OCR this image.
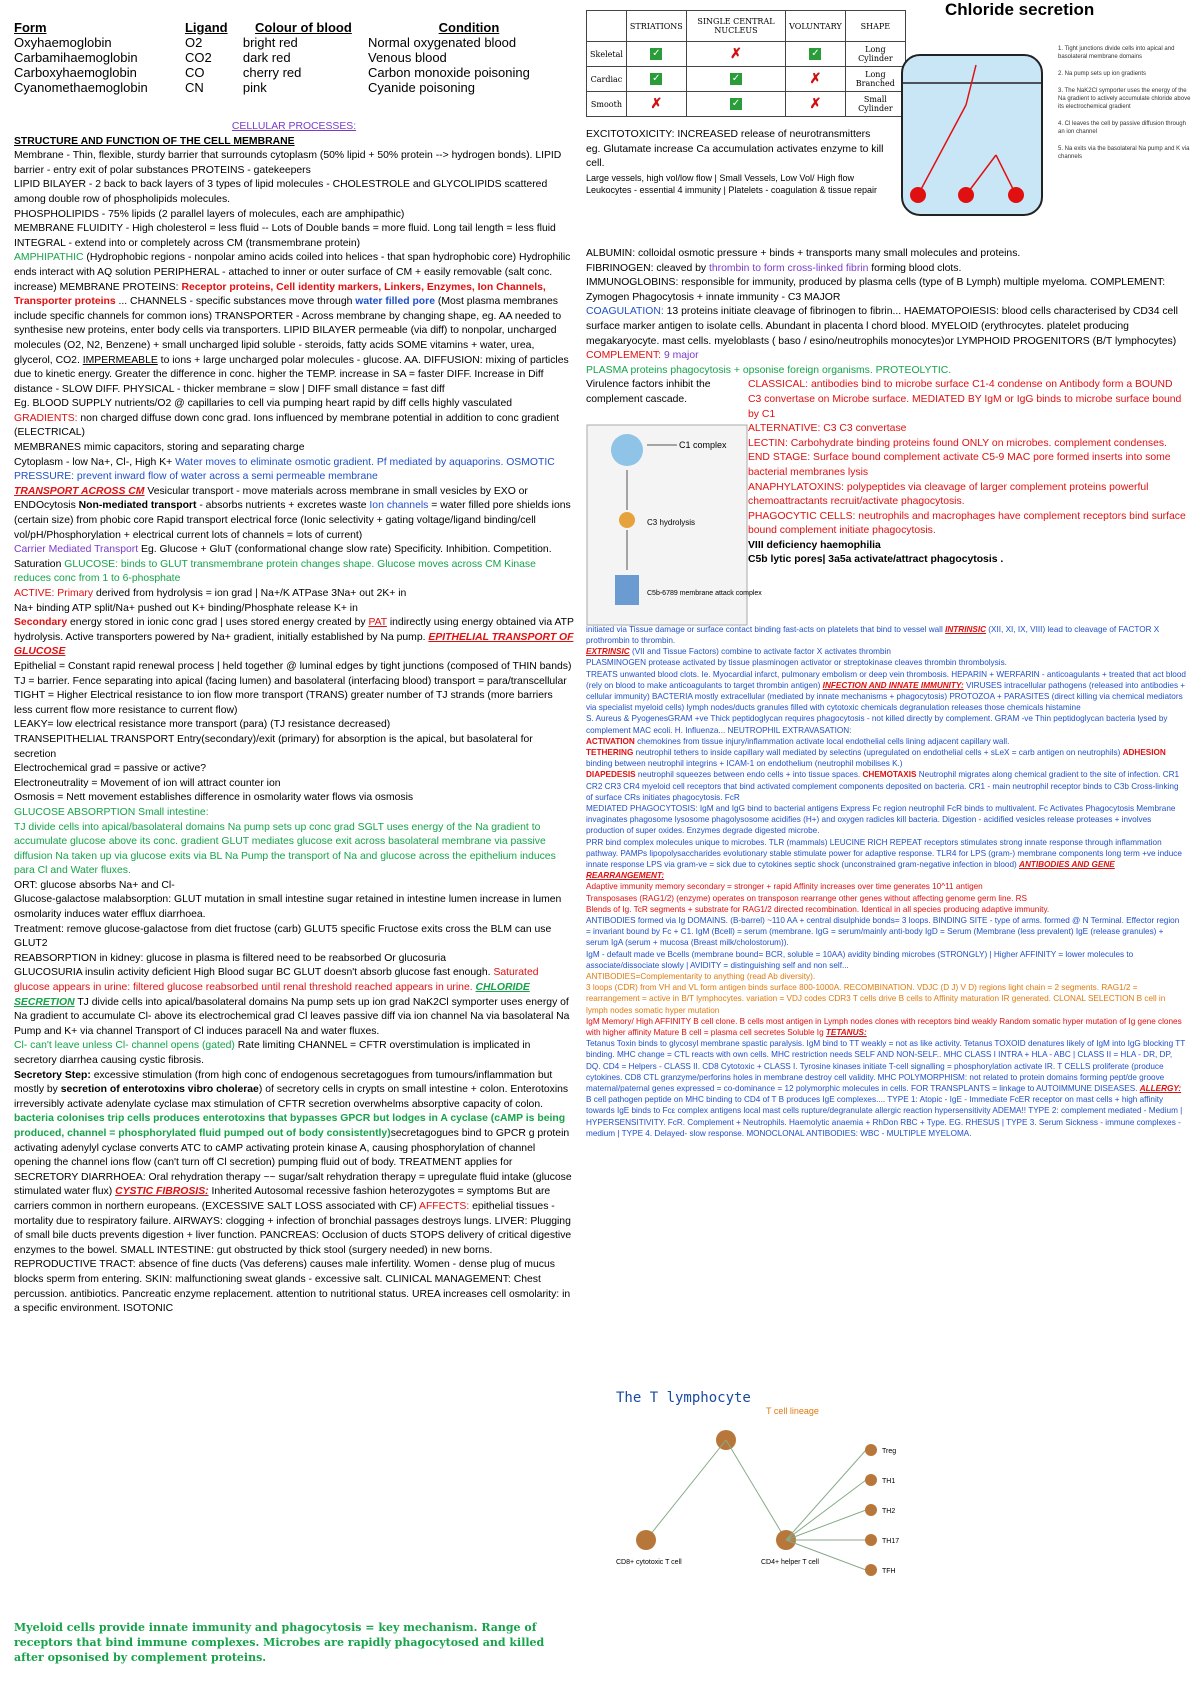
Form	Ligand	Colour of blood	Condition
Oxyhaemoglobin	O2	bright red	Normal oxygenated blood
Carbamihaemoglobin	CO2	dark red	Venous blood
Carboxyhaemoglobin	CO	cherry red	Carbon monoxide poisoning
Cyanomethaemoglobin	CN	pink	Cyanide poisoning
	STRIATIONS	SINGLE CENTRAL NUCLEUS	VOLUNTARY	SHAPE
Skeletal	✓	✗	✓	Long Cylinder
Cardiac	✓	✓	✗	Long Branched
Smooth	✗	✓	✗	Small Cylinder
Chloride secretion

1. Tight junctions divide cells into apical and basolateral membrane domains

2. Na pump sets up ion gradients

3. The NaK2Cl symporter uses the energy of the Na gradient to actively accumulate chloride above its electrochemical gradient

4. Cl leaves the cell by passive diffusion through an ion channel

5. Na exits via the basolateral Na pump and K via channels

CELLULAR PROCESSES:

STRUCTURE AND FUNCTION OF THE CELL MEMBRANE

Membrane - Thin, flexible, sturdy barrier that surrounds cytoplasm (50% lipid + 50% protein --> hydrogen bonds). LIPID barrier - entry exit of polar substances PROTEINS - gatekeepers

LIPID BILAYER - 2 back to back layers of 3 types of lipid molecules - CHOLESTROLE and GLYCOLIPIDS scattered among double row of phospholipids molecules.

PHOSPHOLIPIDS - 75% lipids (2 parallel layers of molecules, each are amphipathic)

MEMBRANE FLUIDITY - High cholesterol = less fluid -- Lots of Double bands = more fluid. Long tail length = less fluid INTEGRAL - extend into or completely across CM (transmembrane protein)

AMPHIPATHIC (Hydrophobic regions - nonpolar amino acids coiled into helices - that span hydrophobic core) Hydrophilic ends interact with AQ solution PERIPHERAL - attached to inner or outer surface of CM + easily removable (salt conc. increase) MEMBRANE PROTEINS: Receptor proteins, Cell identity markers, Linkers, Enzymes, Ion Channels, Transporter proteins ... CHANNELS - specific substances move through water filled pore (Most plasma membranes include specific channels for common ions) TRANSPORTER - Across membrane by changing shape, eg. AA needed to synthesise new proteins, enter body cells via transporters. LIPID BILAYER permeable (via diff) to nonpolar, uncharged molecules (O2, N2, Benzene) + small uncharged lipid soluble - steroids, fatty acids SOME vitamins + water, urea, glycerol, CO2. IMPERMEABLE to ions + large uncharged polar molecules - glucose. AA. DIFFUSION: mixing of particles due to kinetic energy. Greater the difference in conc. higher the TEMP. increase in SA = faster DIFF. Increase in Diff distance - SLOW DIFF. PHYSICAL - thicker membrane = slow | DIFF small distance = fast diff

Eg. BLOOD SUPPLY nutrients/O2 @ capillaries to cell via pumping heart rapid by diff cells highly vasculated GRADIENTS: non charged diffuse down conc grad. Ions influenced by membrane potential in addition to conc gradient (ELECTRICAL)

MEMBRANES mimic capacitors, storing and separating charge

Cytoplasm - low Na+, Cl-, High K+ Water moves to eliminate osmotic gradient. Pf mediated by aquaporins. OSMOTIC PRESSURE: prevent inward flow of water across a semi permeable membrane

TRANSPORT ACROSS CM Vesicular transport - move materials across membrane in small vesicles by EXO or ENDOcytosis Non-mediated transport - absorbs nutrients + excretes waste Ion channels = water filled pore shields ions (certain size) from phobic core Rapid transport electrical force (Ionic selectivity + gating voltage/ligand binding/cell vol/pH/Phosphorylation + electrical current lots of channels = lots of current)

Carrier Mediated Transport Eg. Glucose + GluT (conformational change slow rate) Specificity. Inhibition. Competition. Saturation GLUCOSE: binds to GLUT transmembrane protein changes shape. Glucose moves across CM Kinase reduces conc from 1 to 6-phosphate

ACTIVE: Primary derived from hydrolysis = ion grad | Na+/K ATPase 3Na+ out 2K+ in

Na+ binding ATP split/Na+ pushed out K+ binding/Phosphate release K+ in

Secondary energy stored in ionic conc grad | uses stored energy created by PAT indirectly using energy obtained via ATP hydrolysis. Active transporters powered by Na+ gradient, initially established by Na pump. EPITHELIAL TRANSPORT OF GLUCOSE

Epithelial = Constant rapid renewal process | held together @ luminal edges by tight junctions (composed of THIN bands) TJ = barrier. Fence separating into apical (facing lumen) and basolateral (interfacing blood) transport = para/transcellular TIGHT = Higher Electrical resistance to ion flow more transport (TRANS) greater number of TJ strands (more barriers less current flow more resistance to current flow)

LEAKY= low electrical resistance more transport (para) (TJ resistance decreased)

TRANSEPITHELIAL TRANSPORT Entry(secondary)/exit (primary) for absorption is the apical, but basolateral for secretion

Electrochemical grad = passive or active?

Electroneutrality = Movement of ion will attract counter ion

Osmosis = Nett movement establishes difference in osmolarity water flows via osmosis

GLUCOSE ABSORPTION Small intestine:

TJ divide cells into apical/basolateral domains Na pump sets up conc grad SGLT uses energy of the Na gradient to accumulate glucose above its conc. gradient GLUT mediates glucose exit across basolateral membrane via passive diffusion Na taken up via glucose exits via BL Na Pump the transport of Na and glucose across the epithelium induces para Cl and Water fluxes.

ORT: glucose absorbs Na+ and Cl-

Glucose-galactose malabsorption: GLUT mutation in small intestine sugar retained in intestine lumen increase in lumen osmolarity induces water efflux diarrhoea.

Treatment: remove glucose-galactose from diet fructose (carb) GLUT5 specific Fructose exits cross the BLM can use GLUT2

REABSORPTION in kidney: glucose in plasma is filtered need to be reabsorbed Or glucosuria

GLUCOSURIA insulin activity deficient High Blood sugar BC GLUT doesn't absorb glucose fast enough. Saturated glucose appears in urine: filtered glucose reabsorbed until renal threshold reached appears in urine. CHLORIDE SECRETION TJ divide cells into apical/basolateral domains Na pump sets up ion grad NaK2Cl symporter uses energy of Na gradient to accumulate Cl- above its electrochemical grad Cl leaves passive diff via ion channel Na via basolateral Na Pump and K+ via channel Transport of Cl induces paracell Na and water fluxes.

Cl- can't leave unless Cl- channel opens (gated) Rate limiting CHANNEL = CFTR overstimulation is implicated in secretory diarrhea causing cystic fibrosis.

Secretory Step: excessive stimulation (from high conc of endogenous secretagogues from tumours/inflammation but mostly by secretion of enterotoxins vibro cholerae) of secretory cells in crypts on small intestine + colon. Enterotoxins irreversibly activate adenylate cyclase max stimulation of CFTR secretion overwhelms absorptive capacity of colon. bacteria colonises trip cells produces enterotoxins that bypasses GPCR but lodges in A cyclase (cAMP is being produced, channel = phosphorylated fluid pumped out of body consistently)secretagogues bind to GPCR g protein activating adenylyl cyclase converts ATC to cAMP activating protein kinase A, causing phosphorylation of channel opening the channel ions flow (can't turn off Cl secretion) pumping fluid out of body. TREATMENT applies for SECRETORY DIARRHOEA: Oral rehydration therapy ~~ sugar/salt rehydration therapy = upregulate fluid intake (glucose stimulated water flux) CYSTIC FIBROSIS: Inherited Autosomal recessive fashion heterozygotes = symptoms But are carriers common in northern europeans. (EXCESSIVE SALT LOSS associated with CF) AFFECTS: epithelial tissues - mortality due to respiratory failure. AIRWAYS: clogging + infection of bronchial passages destroys lungs. LIVER: Plugging of small bile ducts prevents digestion + liver function. PANCREAS: Occlusion of ducts STOPS delivery of critical digestive enzymes to the bowel. SMALL INTESTINE: gut obstructed by thick stool (surgery needed) in new borns. REPRODUCTIVE TRACT: absence of fine ducts (Vas deferens) causes male infertility. Women - dense plug of mucus blocks sperm from entering. SKIN: malfunctioning sweat glands - excessive salt. CLINICAL MANAGEMENT: Chest percussion. antibiotics. Pancreatic enzyme replacement. attention to nutritional status. UREA increases cell osmolarity: in a specific environment. ISOTONIC

Myeloid cells provide innate immunity and phagocytosis = key mechanism. Range of receptors that bind immune complexes. Microbes are rapidly phagocytosed and killed after opsonised by complement proteins.

EXCITOTOXICITY: INCREASED release of neurotransmitters eg. Glutamate increase Ca accumulation activates enzyme to kill cell.

Large vessels, high vol/low flow | Small Vessels, Low Vol/ High flow

Leukocytes - essential 4 immunity | Platelets - coagulation & tissue repair

ALBUMIN: colloidal osmotic pressure + binds + transports many small molecules and proteins.

FIBRINOGEN: cleaved by thrombin to form cross-linked fibrin forming blood clots.

IMMUNOGLOBINS: responsible for immunity, produced by plasma cells (type of B Lymph) multiple myeloma. COMPLEMENT: Zymogen Phagocytosis + innate immunity - C3 MAJOR

COAGULATION: 13 proteins initiate cleavage of fibrinogen to fibrin... HAEMATOPOIESIS: blood cells characterised by CD34 cell surface marker antigen to isolate cells. Abundant in placenta l chord blood. MYELOID (erythrocytes. platelet producing megakaryocyte. mast cells. myeloblasts ( baso / esino/neutrophils monocytes)or LYMPHOID PROGENITORS (B/T lymphocytes) COMPLEMENT: 9 major

PLASMA proteins phagocytosis + opsonise foreign organisms. PROTEOLYTIC.

Virulence factors inhibit the complement cascade.

CLASSICAL: antibodies bind to microbe surface C1-4 condense on Antibody form a BOUND C3 convertase on Microbe surface. MEDIATED BY IgM or IgG binds to microbe surface bound by C1

ALTERNATIVE: C3 C3 convertase

LECTIN: Carbohydrate binding proteins found ONLY on microbes. complement condenses.

END STAGE: Surface bound complement activate C5-9 MAC pore formed inserts into some bacterial membranes lysis

ANAPHYLATOXINS: polypeptides via cleavage of larger complement proteins powerful chemoattractants recruit/activate phagocytosis.

PHAGOCYTIC CELLS: neutrophils and macrophages have complement receptors bind surface bound complement initiate phagocytosis.

VIII deficiency haemophilia

C5b lytic pores| 3a5a activate/attract phagocytosis .

initiated via Tissue damage or surface contact binding fast-acts on platelets that bind to vessel wall INTRINSIC (XII, XI, IX, VIII) lead to cleavage of FACTOR X prothrombin to thrombin.

EXTRINSIC (VII and Tissue Factors) combine to activate factor X activates thrombin

PLASMINOGEN protease activated by tissue plasminogen activator or streptokinase cleaves thrombin thrombolysis.

TREATS unwanted blood clots. Ie. Myocardial infarct, pulmonary embolism or deep vein thrombosis. HEPARIN + WERFARIN - anticoagulants + treated that act blood (rely on blood to make anticoagulants to target thrombin antigen) INFECTION AND INNATE IMMUNITY: VIRUSES intracellular pathogens (released into antibodies + cellular immunity) BACTERIA mostly extracellular (mediated by innate mechanisms + phagocytosis) PROTOZOA + PARASITES (direct killing via chemical mediators via specialist myeloid cells) lymph nodes/ducts granules filled with cytotoxic chemicals degranulation releases those chemicals histamine

S. Aureus & PyogenesGRAM +ve Thick peptidoglycan requires phagocytosis - not killed directly by complement. GRAM -ve Thin peptidoglycan bacteria lysed by complement MAC ecoli. H. Influenza... NEUTROPHIL EXTRAVASATION:

ACTIVATION chemokines from tissue injury/inflammation activate local endothelial cells lining adjacent capillary wall.

TETHERING neutrophil tethers to inside capillary wall mediated by selectins (upregulated on endothelial cells + sLeX = carb antigen on neutrophils) ADHESION binding between neutrophil integrins + ICAM-1 on endothelium (neutrophil mobilises K.)

DIAPEDESIS neutrophil squeezes between endo cells + into tissue spaces. CHEMOTAXIS Neutrophil migrates along chemical gradient to the site of infection. CR1 CR2 CR3 CR4 myeloid cell receptors that bind activated complement components deposited on bacteria. CR1 - main neutrophil receptor binds to C3b Cross-linking of surface CRs initiates phagocytosis. FcR

MEDIATED PHAGOCYTOSIS: IgM and IgG bind to bacterial antigens Express Fc region neutrophil FcR binds to multivalent. Fc Activates Phagocytosis Membrane invaginates phagosome lysosome phagolysosome acidifies (H+) and oxygen radicles kill bacteria. Digestion - acidified vesicles release proteases + involves production of super oxides. Enzymes degrade digested microbe.

PRR bind complex molecules unique to microbes. TLR (mammals) LEUCINE RICH REPEAT receptors stimulates strong innate response through inflammation pathway. PAMPs lipopolysaccharides evolutionary stable stimulate power for adaptive response. TLR4 for LPS (gram-) membrane components long term +ve induce innate response LPS via gram-ve = sick due to cytokines septic shock (unconstrained gram-negative infection in blood) ANTIBODIES AND GENE REARRANGEMENT:

Adaptive immunity memory secondary = stronger + rapid Affinity increases over time generates 10^11 antigen

Transposases (RAG1/2) (enzyme) operates on transposon rearrange other genes without affecting genome germ line. RS

Blends of Ig. TcR segments + substrate for RAG1/2 directed recombination. Identical in all species producing adaptive immunity.

ANTIBODIES formed via Ig DOMAINS. (B-barrel) ~110 AA + central disulphide bonds= 3 loops. BINDING SITE - type of arms. formed @ N Terminal. Effector region = invariant bound by Fc + C1. IgM (Bcell) = serum (membrane. IgG = serum/mainly anti-body IgD = Serum (Membrane (less prevalent) IgE (release granules) + serum IgA (serum + mucosa (Breast milk/cholostorum)).

IgM - default made ve Bcells (membrane bound= BCR, soluble = 10AA) avidity binding microbes (STRONGLY) | Higher AFFINITY = lower molecules to associate/dissociate slowly | AVIDITY = distinguishing self and non self...

ANTIBODIES=Complementarity to anything (read Ab diversity).

3 loops (CDR) from VH and VL form antigen binds surface 800-1000A. RECOMBINATION. VDJC (D J) V D) regions light chain = 2 segments. RAG1/2 = rearrangement = active in B/T lymphocytes. variation = VDJ codes CDR3 T cells drive B cells to Affinity maturation IR generated. CLONAL SELECTION B cell in lymph nodes somatic hyper mutation

IgM Memory/ High AFFINITY B cell clone. B cells most antigen in Lymph nodes clones with receptors bind weakly Random somatic hyper mutation of Ig gene clones with higher affinity Mature B cell = plasma cell secretes Soluble Ig TETANUS:

Tetanus Toxin binds to glycosyl membrane spastic paralysis. IgM bind to TT weakly = not as like activity. Tetanus TOXOID denatures likely of IgM into IgG blocking TT binding. MHC change = CTL reacts with own cells. MHC restriction needs SELF AND NON-SELF.. MHC CLASS I INTRA + HLA - ABC | CLASS II = HLA - DR, DP, DQ. CD4 = Helpers - CLASS II. CD8 Cytotoxic + CLASS I. Tyrosine kinases initiate T-cell signalling = phosphorylation activate IR. T CELLS proliferate (produce cytokines. CD8 CTL granzyme/perforins holes in membrane destroy cell validity. MHC POLYMORPHISM: not related to protein domains forming pept/de groove maternal/paternal genes expressed = co-dominance = 12 polymorphic molecules in cells. FOR TRANSPLANTS = linkage to AUTOIMMUNE DISEASES. ALLERGY: B cell pathogen peptide on MHC binding to CD4 of T B produces IgE complexes.... TYPE 1: Atopic - IgE - Immediate FcER receptor on mast cells + high affinity towards IgE binds to Fcε complex antigens local mast cells rupture/degranulate allergic reaction hypersensitivity ADEMA!! TYPE 2: complement mediated - Medium | HYPERSENSITIVITY. FcR. Complement + Neutrophils. Haemolytic anaemia + RhDon RBC + Type. EG. RHESUS | TYPE 3. Serum Sickness - immune complexes - medium | TYPE 4. Delayed- slow response. MONOCLONAL ANTIBODIES: WBC - MULTIPLE MYELOMA.

C1 complex
C3 hydrolysis
C5b-6789 membrane attack complex
The T lymphocyte
T cell lineage
CD8+ cytotoxic T cell	CD4+ helper T cell
Treg
TH1
TH2
TH17
TFH
